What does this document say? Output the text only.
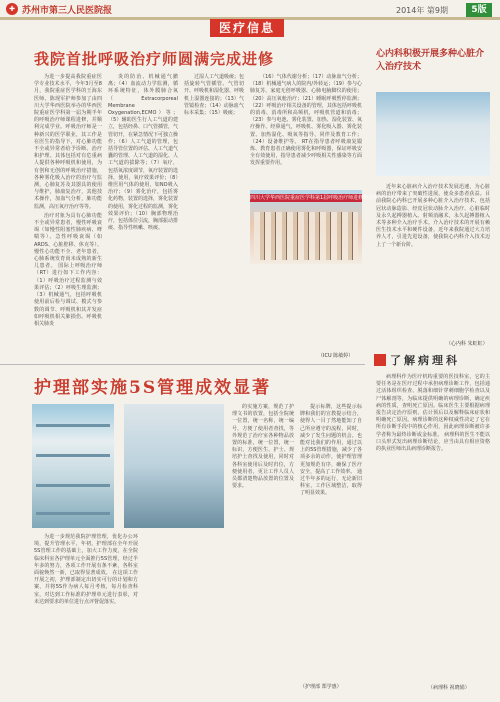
✚ 苏州市第三人民医院报	2014年 第9期	5版
医疗信息
我院首批呼吸治疗师圆满完成进修

为进一步提高我院重症医学专业技术水平，今年3月至8月，我院重症医学科的王海东医师、陈现军护师参加了由四川大学华西医院举办的华西医院重症医学科第一届为期半年的呼吸治疗师课程进修，并顺利完成学业。呼吸治疗师是一种新兴的医学职业，其工作是在医生的指导下，对心肺功能不全或异常者给予诊断、治疗和护理。其体包括对有危重病人提供各种呼吸机和使用，为有创和无创的呼吸治疗措施，各种雾化吸入治疗的治疗与监测，心肺复苏及其器具的使用与维护，肺康复治疗，其他技术操作，加血气分析，肺功能监测，高压氧疗治疗等等。

治疗对象为具有心肺功能不全或异常患者，慢性呼吸衰竭（如慢性阻塞性肺疾病、哮喘等）、急性呼吸衰竭（如ARDS、心脏腔移、休克等）、慢性心功能不全、老年患者，心肺系统发育尚未成熟的新生儿患者。 国际上呼吸治疗师（RT）进行如下工作内容： （1）呼吸治疗过程监测与效果评估；（2）呼吸生理监测；（3）机械通气，包括呼吸机使用前后检与调试、模式与参数的调节、呼吸机和其并发症如呼吸机相关肺损伤、呼吸机相关肺炎

炎的防治、机械通气撤离；（4）血流动力学监测，循环系统特征，体外膜肺合氧（Extracorporeal Membrane Oxygenation,ECMO）等；（5）辅助医生行人工气道的建立，包括经鼻、口气管插管，气管切开，在紧急情况下可独立操作；（6）人工气道的管理，包括导管位置的评估、人工气道气囊的管理、人工气道的湿化、人工气道的拔除等；（7）氧疗，包括氧浓度调节，氧疗装置的选择，使用，氧疗效果评价；（8）维医用气体的使用，如NO吸入治疗；（9）雾化治疗，包括雾化药物，装置的选择，雾化装置的使用，雾化过程的监测，雾化效果评价；（10）胸部物理治疗，包括体位引流，胸部振动排痰、指导性咳嗽、咳痰。

过湿人工气道吸痰；包括旋转气管插管、气管切开、呼吸机和湿化器、呼吸机上湿器连接的；（13）气管镜检查；（14）动脉血气标本采集；（15）吸痰；

（16）气体代谢分析；（17）动脉血气分析；（18）机械通气病人的院内/外转运；（19）参与心肺复苏、家庭无创呼吸器、心肺电脑脚仪的使用；（20）高压氧舱治疗；（21）睡眠呼吸暂停监测；（22）呼吸治疗相关设备的管理，其体包括呼吸机的消毒、消毒所和高频机，呼吸机管道和消毒；（23）参与电池、雾化装置、加热、湿化装置、氧疗操作、经鼻通气，呼吸机、雾化吸入器、雾化装置、加热湿化、吸氧等指导、同伴及教育工作；（24）设备维护等。 RT在指导患者呼吸康复锻炼、教育患者正确使用雾化和呼吸器，保证呼吸安全有效使用，指导患者减少呼吸相关性感染等方面发挥重要作用。

四川大学华西医院重症医学科第1届呼吸治疗师进修班合影
（ICU 陈敏婷）
护理部实施5S管理成效显著

为进一步规范我院护理管理，优化办公环境，提升管理水平，年初，护理部在全年开展5S管理工作的基础上，加大工作力度，在全院临床科室各护理单元全面推行5S管理，经过半年多的努力，各项工作开展有条不紊，各科室面貌焕然一新，已取得显著成效。 在这项工作开展之初，护理部制定出切实可行的计划和方案，并将5S作为病人每月考核，每月检查科室，对达到工作标准的护理单元进行表彰，对未达到要求的单位进行点评督促落实。

的实施方案，规范了护理文书的放置，包括全院统一位置，统一名称，统一编号，方便了使用者查找，等外规范了治疗室各种物品放置的标准，统一位置，统一标识，方便医生、护士、规培护士查找及使用，同时对各科室使用后及时归位，方便使用者，更让工作人员人员都清楚物品放置的位置及要求。

提示标牌，这些提示标牌和我们的宣教提示结合，使得人一目了然地能知了自己所应遵守的流程，同时，减少了发生问题的机会。也能对比我们的作用，通过以上的5S管理措施，减少了各项多余的动作，使护理管理更加规范有序，确保了医疗安全，提高了工作效率。 通过半年多的运行，无论新旧科室，工作区域整洁，取得了明显效果。

（护理部 郑学惠）
心内科积极开展多种心脏介入治疗技术

近年来心脏病介入治疗技术发展迅速，为心脏病的治疗带来了突破性进展，使众多患者获益。目前我院心内科已开展多种心脏介入治疗技术，包括冠状动脉造影、经皮冠状动脉介入治疗、心脏临时及永久起搏器植入、射频消融术，永久起搏器植入术等多种介入治疗手术。介入治疗技术的开展有赖医生技术水平和硬件设备，近年来我院通过大力培养人才，引进先进设备，使我院心内科介入技术迈上了一个新台阶。

（心内科 朱虹虹）
了解病理科

病理科作为医疗机构重要的医技科室，它的主要任务是在医疗过程中承担病理诊断工作，包括通过活体组织检查、脱落和细针穿刺细胞学检查以及尸体解剖等，为临床提供明确的病理诊断，确定疾病的性质，查明死亡原因。临床医生主要根据病理报告决定治疗原则、估计预后以及解释临床症状和明确死亡原因。病理诊断的这种权威性决定了它在所有诊断手段中的核心作用，因此病理诊断被许多学者称为最终诊断或金标准。 病理科的医生不能以口头形式发出病理诊断结论，应当由具有相应资格的执业医师出具病理诊断报告。

（病理科 祝晓娟）
